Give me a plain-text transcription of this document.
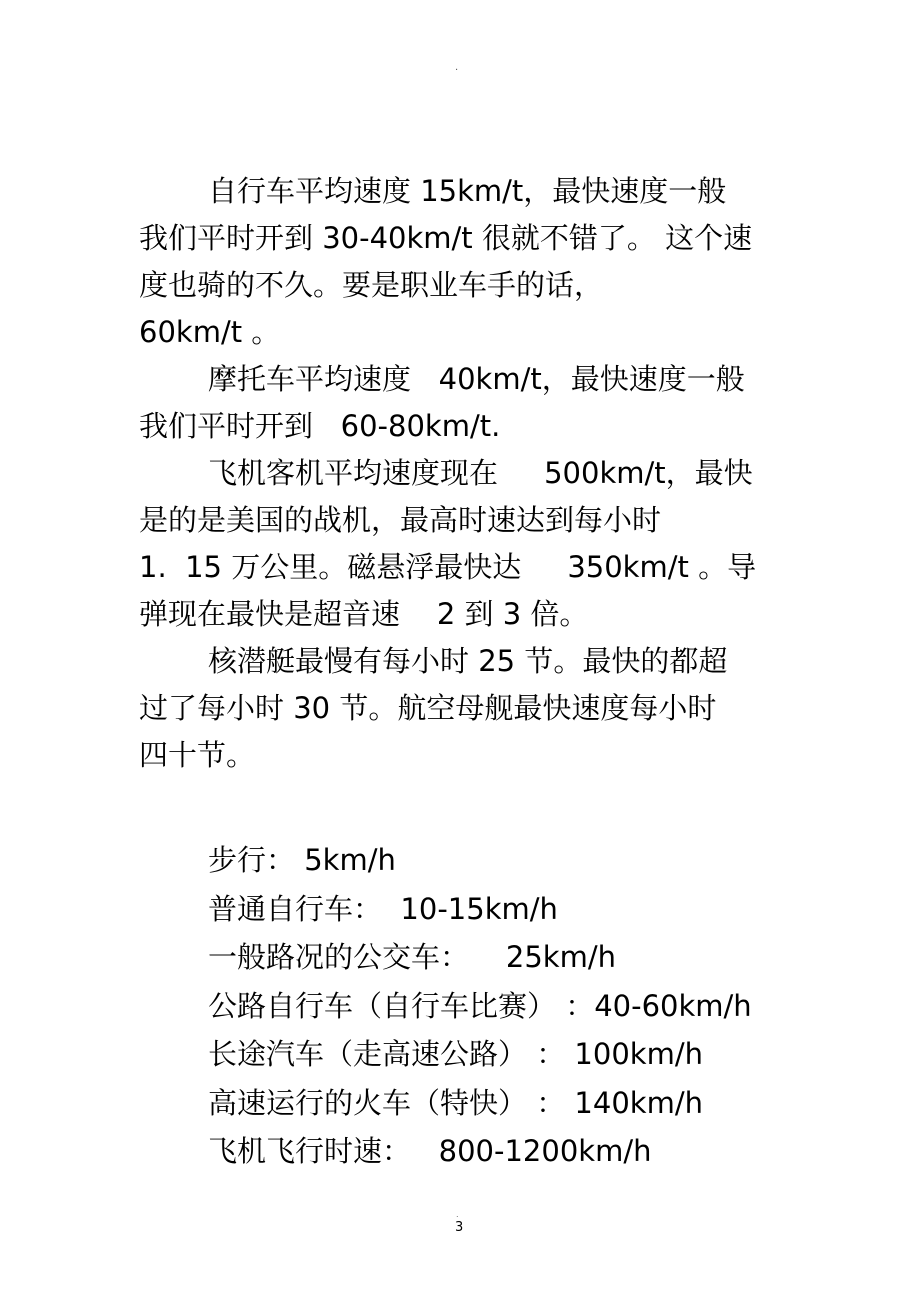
.
自行车平均速度 15km/t，最快速度一般
我们平时开到 30-40km/t 很就不错了。 这个速
度也骑的不久。要是职业车手的话，
60km/t 。
摩托车平均速度   40km/t，最快速度一般
我们平时开到   60-80km/t.
飞机客机平均速度现在     500km/t，最快
是的是美国的战机，最高时速达到每小时
1.  15 万公里。磁悬浮最快达     350km/t 。导
弹现在最快是超音速    2 到 3 倍。
核潜艇最慢有每小时 25 节。最快的都超
过了每小时 30 节。航空母舰最快速度每小时
四十节。
步行： 5km/h
普通自行车：  10-15km/h
一般路况的公交车：    25km/h
公路自行车（自行车比赛） ：40-60km/h
长途汽车（走高速公路） ： 100km/h
高速运行的火车（特快） ： 140km/h
飞机飞行时速：   800-1200km/h
.
3
